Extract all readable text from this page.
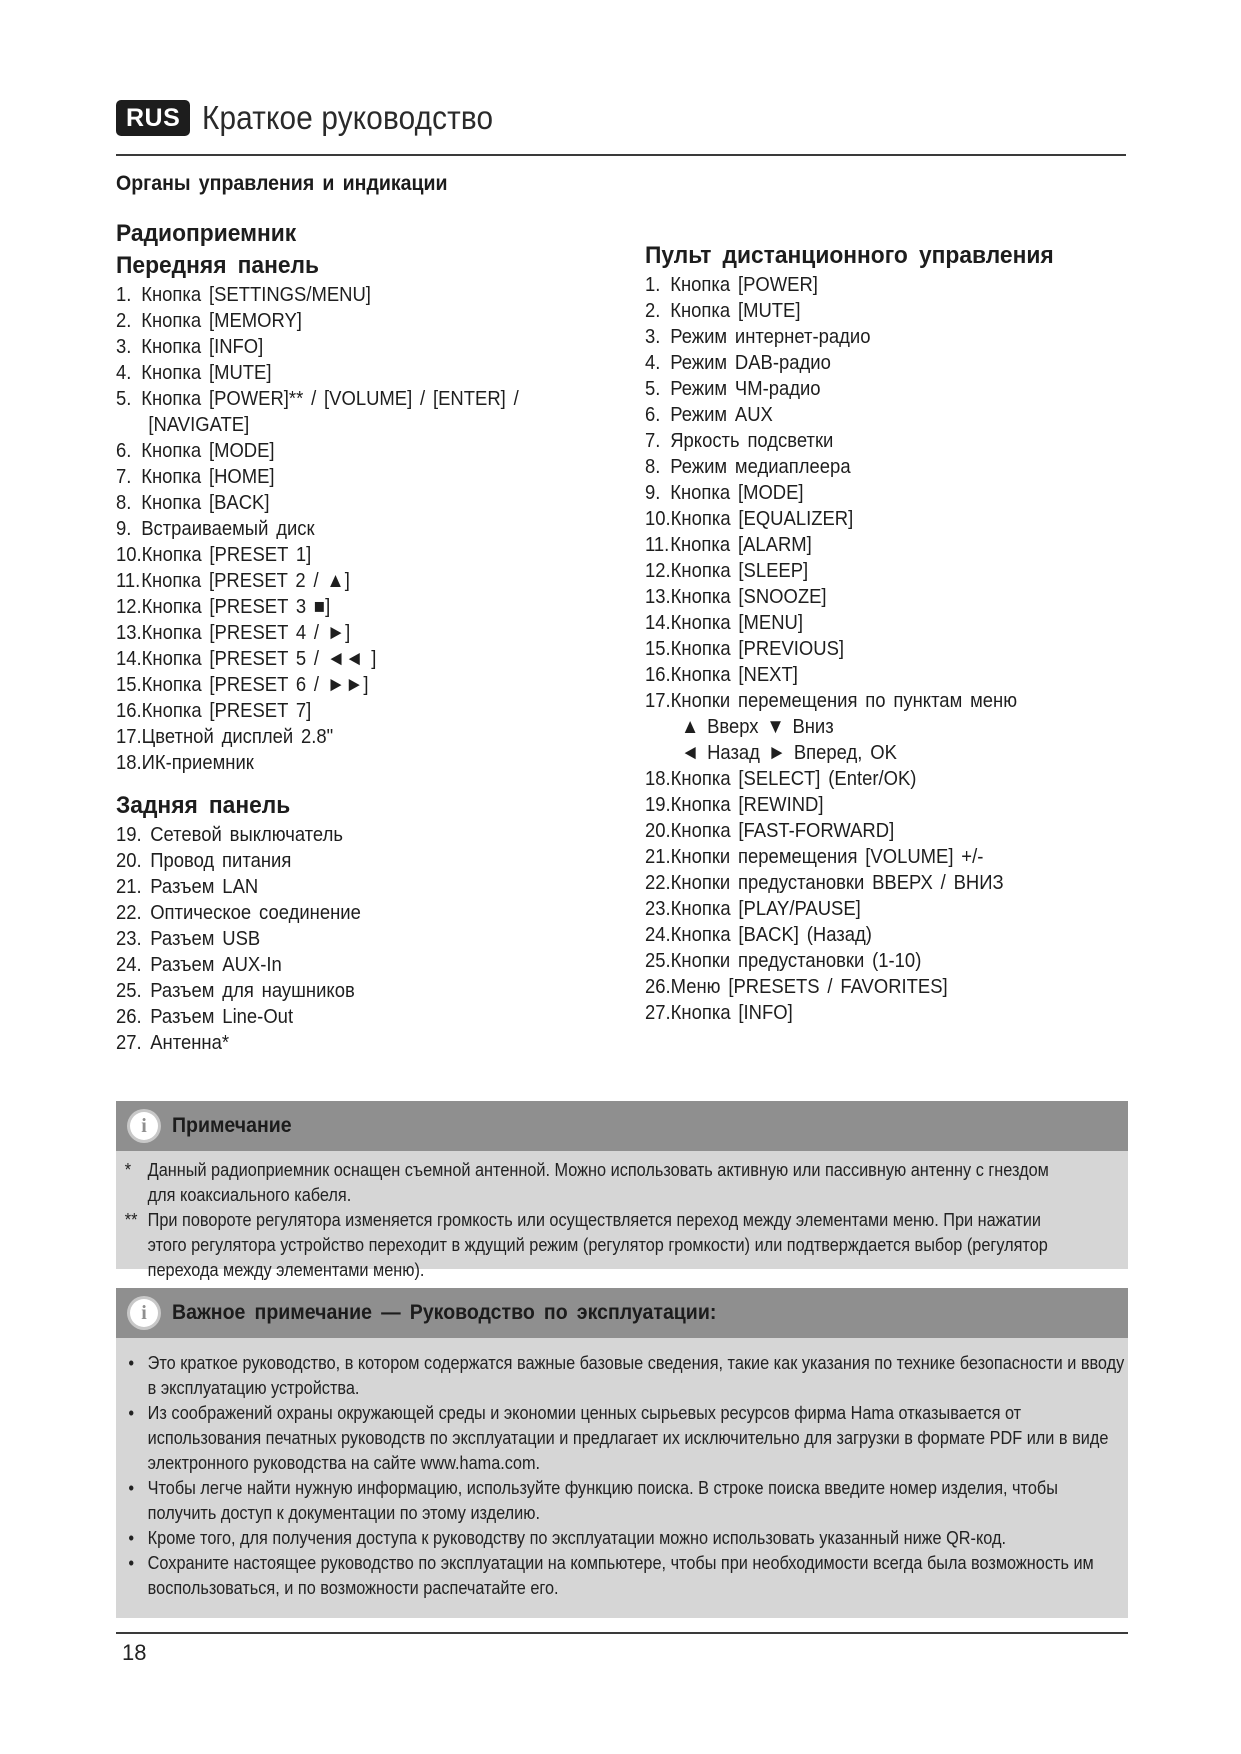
RUS Краткое руководство
Органы управления и индикации
Радиоприемник
Передняя панель
1. Кнопка [SETTINGS/MENU]
2. Кнопка [MEMORY]
3. Кнопка [INFO]
4. Кнопка [MUTE]
5. Кнопка [POWER]** / [VOLUME] / [ENTER] /
[NAVIGATE]
6. Кнопка [MODE]
7. Кнопка [HOME]
8. Кнопка [BACK]
9. Встраиваемый диск
10.Кнопка [PRESET 1]
11.Кнопка [PRESET 2 / ▲]
12.Кнопка [PRESET 3 ■]
13.Кнопка [PRESET 4 / ►]
14.Кнопка [PRESET 5 / ◄◄ ]
15.Кнопка [PRESET 6 / ►►]
16.Кнопка [PRESET 7]
17.Цветной дисплей 2.8"
18.ИК-приемник
Задняя панель
19. Сетевой выключатель
20. Провод питания
21. Разъем LAN
22. Оптическое соединение
23. Разъем USB
24. Разъем AUX-In
25. Разъем для наушников
26. Разъем Line-Out
27. Антенна*
Пульт дистанционного управления
1. Кнопка [POWER]
2. Кнопка [MUTE]
3. Режим интернет-радио
4. Режим DAB-радио
5. Режим ЧМ-радио
6. Режим AUX
7. Яркость подсветки
8. Режим медиаплеера
9. Кнопка [MODE]
10.Кнопка [EQUALIZER]
11.Кнопка [ALARM]
12.Кнопка [SLEEP]
13.Кнопка [SNOOZE]
14.Кнопка [MENU]
15.Кнопка [PREVIOUS]
16.Кнопка [NEXT]
17.Кнопки перемещения по пунктам меню
▲ Вверх ▼ Вниз
◄ Назад ► Вперед, OK
18.Кнопка [SELECT] (Enter/OK)
19.Кнопка [REWIND]
20.Кнопка [FAST-FORWARD]
21.Кнопки перемещения [VOLUME] +/-
22.Кнопки предустановки ВВЕРХ / ВНИЗ
23.Кнопка [PLAY/PAUSE]
24.Кнопка [BACK] (Назад)
25.Кнопки предустановки (1-10)
26.Меню [PRESETS / FAVORITES]
27.Кнопка [INFO]
i	Примечание

* Данный радиоприемник оснащен съемной антенной. Можно использовать активную или пассивную антенну с гнездом

для коаксиального кабеля.

** При повороте регулятора изменяется громкость или осуществляется переход между элементами меню. При нажатии

этого регулятора устройство переходит в ждущий режим (регулятор громкости) или подтверждается выбор (регулятор

перехода между элементами меню).

i	Важное примечание — Руководство по эксплуатации:

• Это краткое руководство, в котором содержатся важные базовые сведения, такие как указания по технике безопасности и вводу

в эксплуатацию устройства.

• Из соображений охраны окружающей среды и экономии ценных сырьевых ресурсов фирма Hama отказывается от

использования печатных руководств по эксплуатации и предлагает их исключительно для загрузки в формате PDF или в виде

электронного руководства на сайте www.hama.com.

• Чтобы легче найти нужную информацию, используйте функцию поиска. В строке поиска введите номер изделия, чтобы

получить доступ к документации по этому изделию.

• Кроме того, для получения доступа к руководству по эксплуатации можно использовать указанный ниже QR-код.

• Сохраните настоящее руководство по эксплуатации на компьютере, чтобы при необходимости всегда была возможность им

воспользоваться, и по возможности распечатайте его.

18
